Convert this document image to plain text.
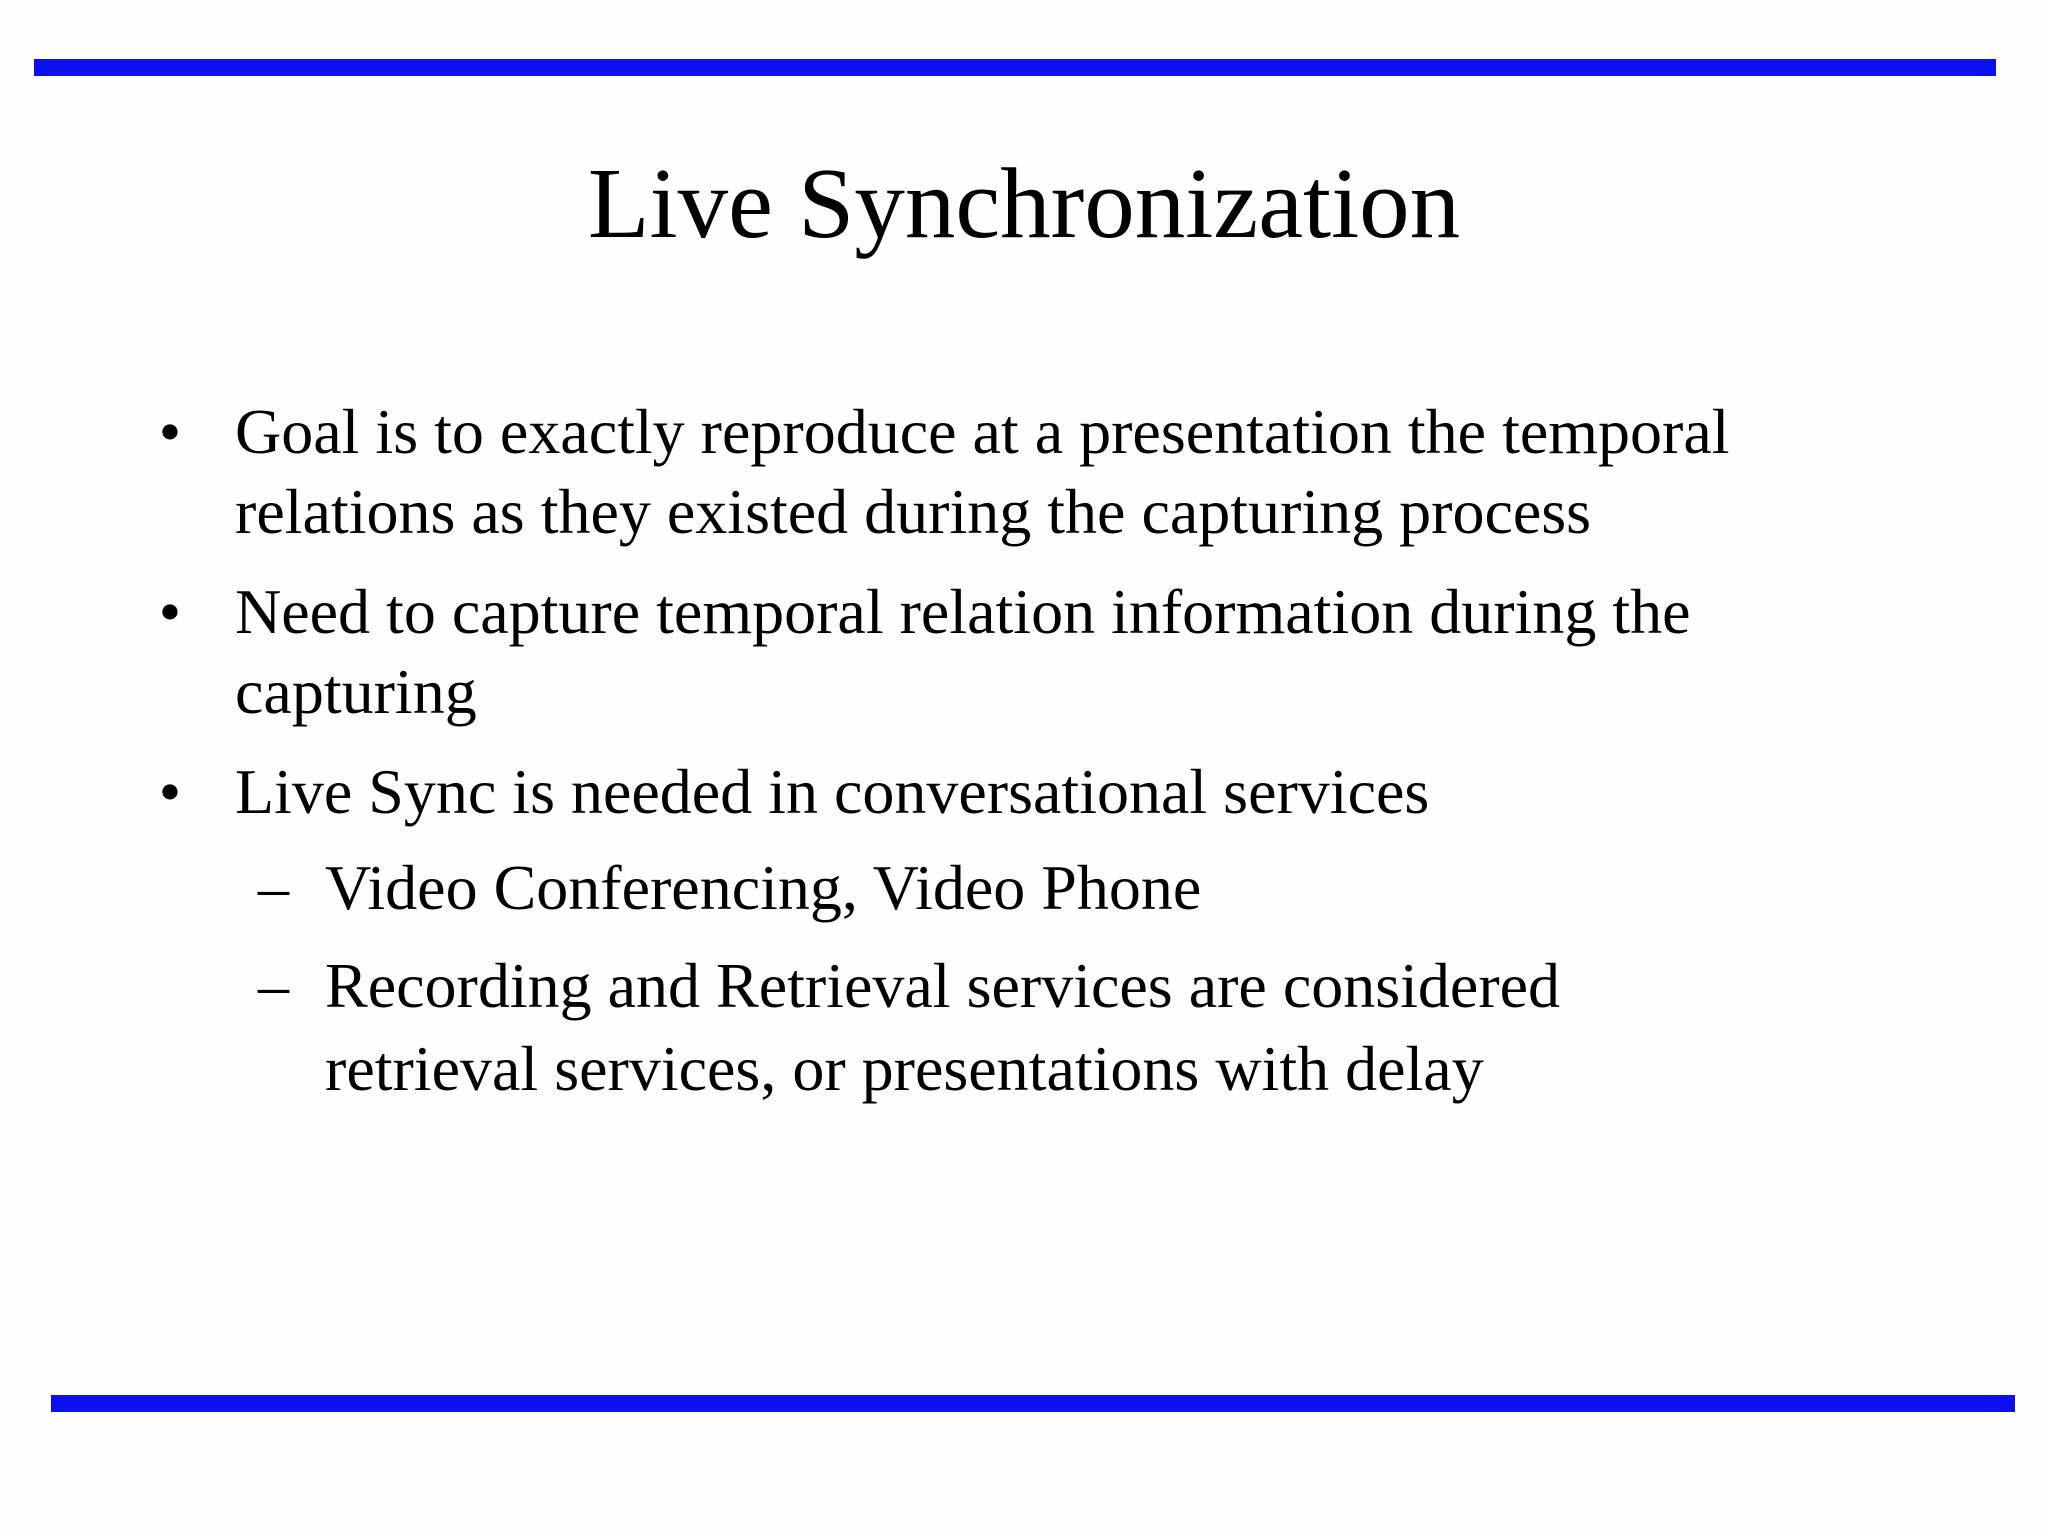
Live Synchronization
• Goal is to exactly reproduce at a presentation the temporal
relations as they existed during the capturing process
• Need to capture temporal relation information during the
capturing
• Live Sync is needed in conversational services
– Video Conferencing, Video Phone
– Recording and Retrieval services are considered
retrieval services, or presentations with delay
